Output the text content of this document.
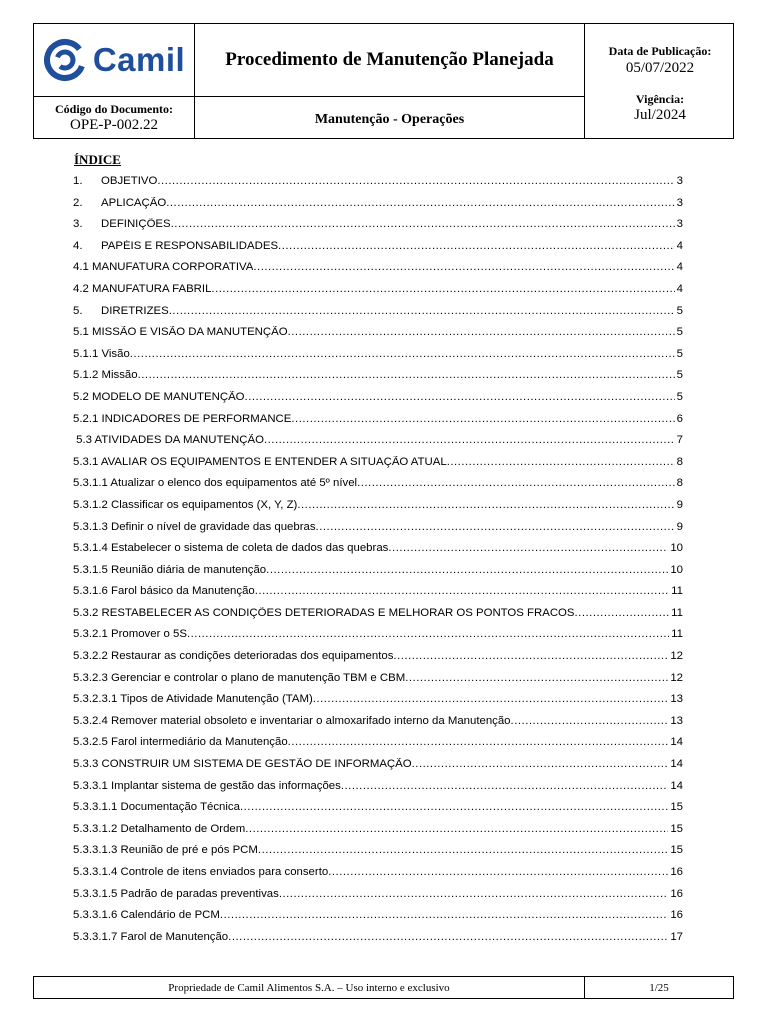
Camil	Procedimento de Manutenção Planejada	Data de Publicação:
05/07/2022
Vigência:
Jul/2024
Código do Documento:
OPE-P-002.22	Manutenção - Operações
ÍNDICE
1.	OBJETIVO .....	3
2.	APLICAÇÃO .....	3
3.	DEFINIÇÕES .....	3
4.	PAPÉIS E RESPONSABILIDADES .....	4
4.1 MANUFATURA CORPORATIVA .....	4
4.2 MANUFATURA FABRIL .....	4
5.	DIRETRIZES .....	5
5.1 MISSÃO E VISÃO DA MANUTENÇÃO .....	5
5.1.1 Visão .....	5
5.1.2 Missão .....	5
5.2 MODELO DE MANUTENÇÃO .....	5
5.2.1 INDICADORES DE PERFORMANCE .....	6
5.3 ATIVIDADES DA MANUTENÇÃO .....	7
5.3.1 AVALIAR OS EQUIPAMENTOS E ENTENDER A SITUAÇÃO ATUAL .....	8
5.3.1.1 Atualizar o elenco dos equipamentos até 5º nível .....	8
5.3.1.2 Classificar os equipamentos (X, Y, Z) .....	9
5.3.1.3 Definir o nível de gravidade das quebras .....	9
5.3.1.4 Estabelecer o sistema de coleta de dados das quebras .....	10
5.3.1.5 Reunião diária de manutenção .....	10
5.3.1.6 Farol básico da Manutenção .....	11
5.3.2 RESTABELECER AS CONDIÇÕES DETERIORADAS E MELHORAR OS PONTOS FRACOS .....	11
5.3.2.1 Promover o 5S .....	11
5.3.2.2 Restaurar as condições deterioradas dos equipamentos .....	12
5.3.2.3 Gerenciar e controlar o plano de manutenção TBM e CBM .....	12
5.3.2.3.1 Tipos de Atividade Manutenção (TAM) .....	13
5.3.2.4 Remover material obsoleto e inventariar o almoxarifado interno da Manutenção .....	13
5.3.2.5 Farol intermediário da Manutenção .....	14
5.3.3 CONSTRUIR UM SISTEMA DE GESTÃO DE INFORMAÇÃO .....	14
5.3.3.1 Implantar sistema de gestão das informações .....	14
5.3.3.1.1 Documentação Técnica .....	15
5.3.3.1.2 Detalhamento de Ordem .....	15
5.3.3.1.3 Reunião de pré e pós PCM .....	15
5.3.3.1.4 Controle de itens enviados para conserto .....	16
5.3.3.1.5 Padrão de paradas preventivas .....	16
5.3.3.1.6 Calendário de PCM .....	16
5.3.3.1.7 Farol de Manutenção .....	17
Propriedade de Camil Alimentos S.A. – Uso interno e exclusivo	1/25
